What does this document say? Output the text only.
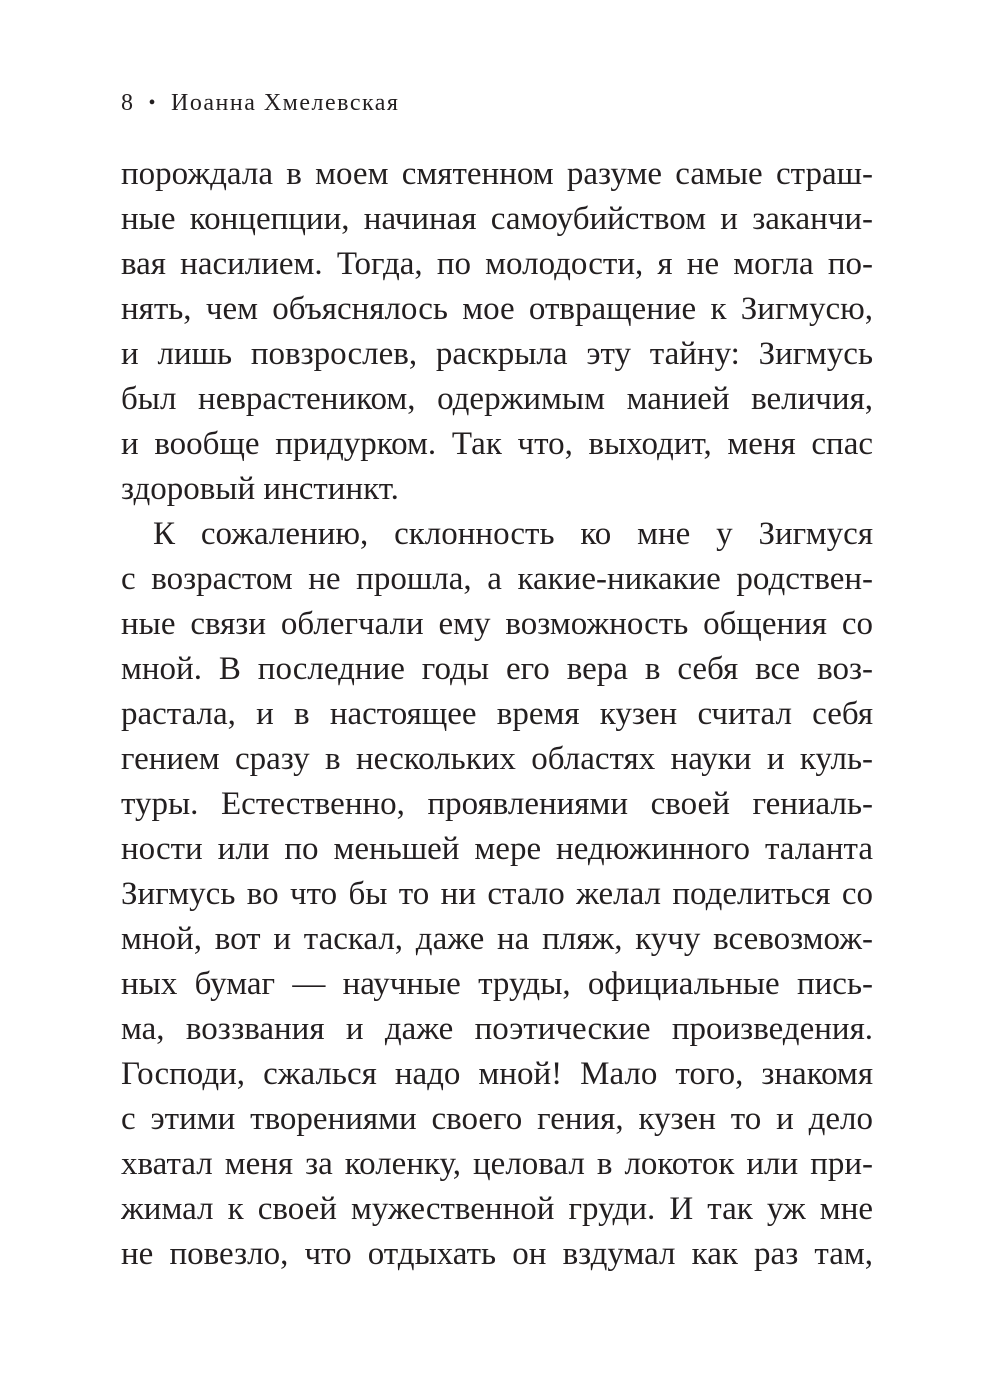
8 • Иоанна Хмелевская
порождала в моем смятенном разуме самые страш-
ные концепции, начиная самоубийством и заканчи-
вая насилием. Тогда, по молодости, я не могла по-
нять, чем объяснялось мое отвращение к Зигмусю,
и лишь повзрослев, раскрыла эту тайну: Зигмусь
был неврастеником, одержимым манией величия,
и вообще придурком. Так что, выходит, меня спас
здоровый инстинкт.
К сожалению, склонность ко мне у Зигмуся
с возрастом не прошла, а какие-никакие родствен-
ные связи облегчали ему возможность общения со
мной. В последние годы его вера в себя все воз-
растала, и в настоящее время кузен считал себя
гением сразу в нескольких областях науки и куль-
туры. Естественно, проявлениями своей гениаль-
ности или по меньшей мере недюжинного таланта
Зигмусь во что бы то ни стало желал поделиться со
мной, вот и таскал, даже на пляж, кучу всевозмож-
ных бумаг — научные труды, официальные пись-
ма, воззвания и даже поэтические произведения.
Господи, сжалься надо мной! Мало того, знакомя
с этими творениями своего гения, кузен то и дело
хватал меня за коленку, целовал в локоток или при-
жимал к своей мужественной груди. И так уж мне
не повезло, что отдыхать он вздумал как раз там,
